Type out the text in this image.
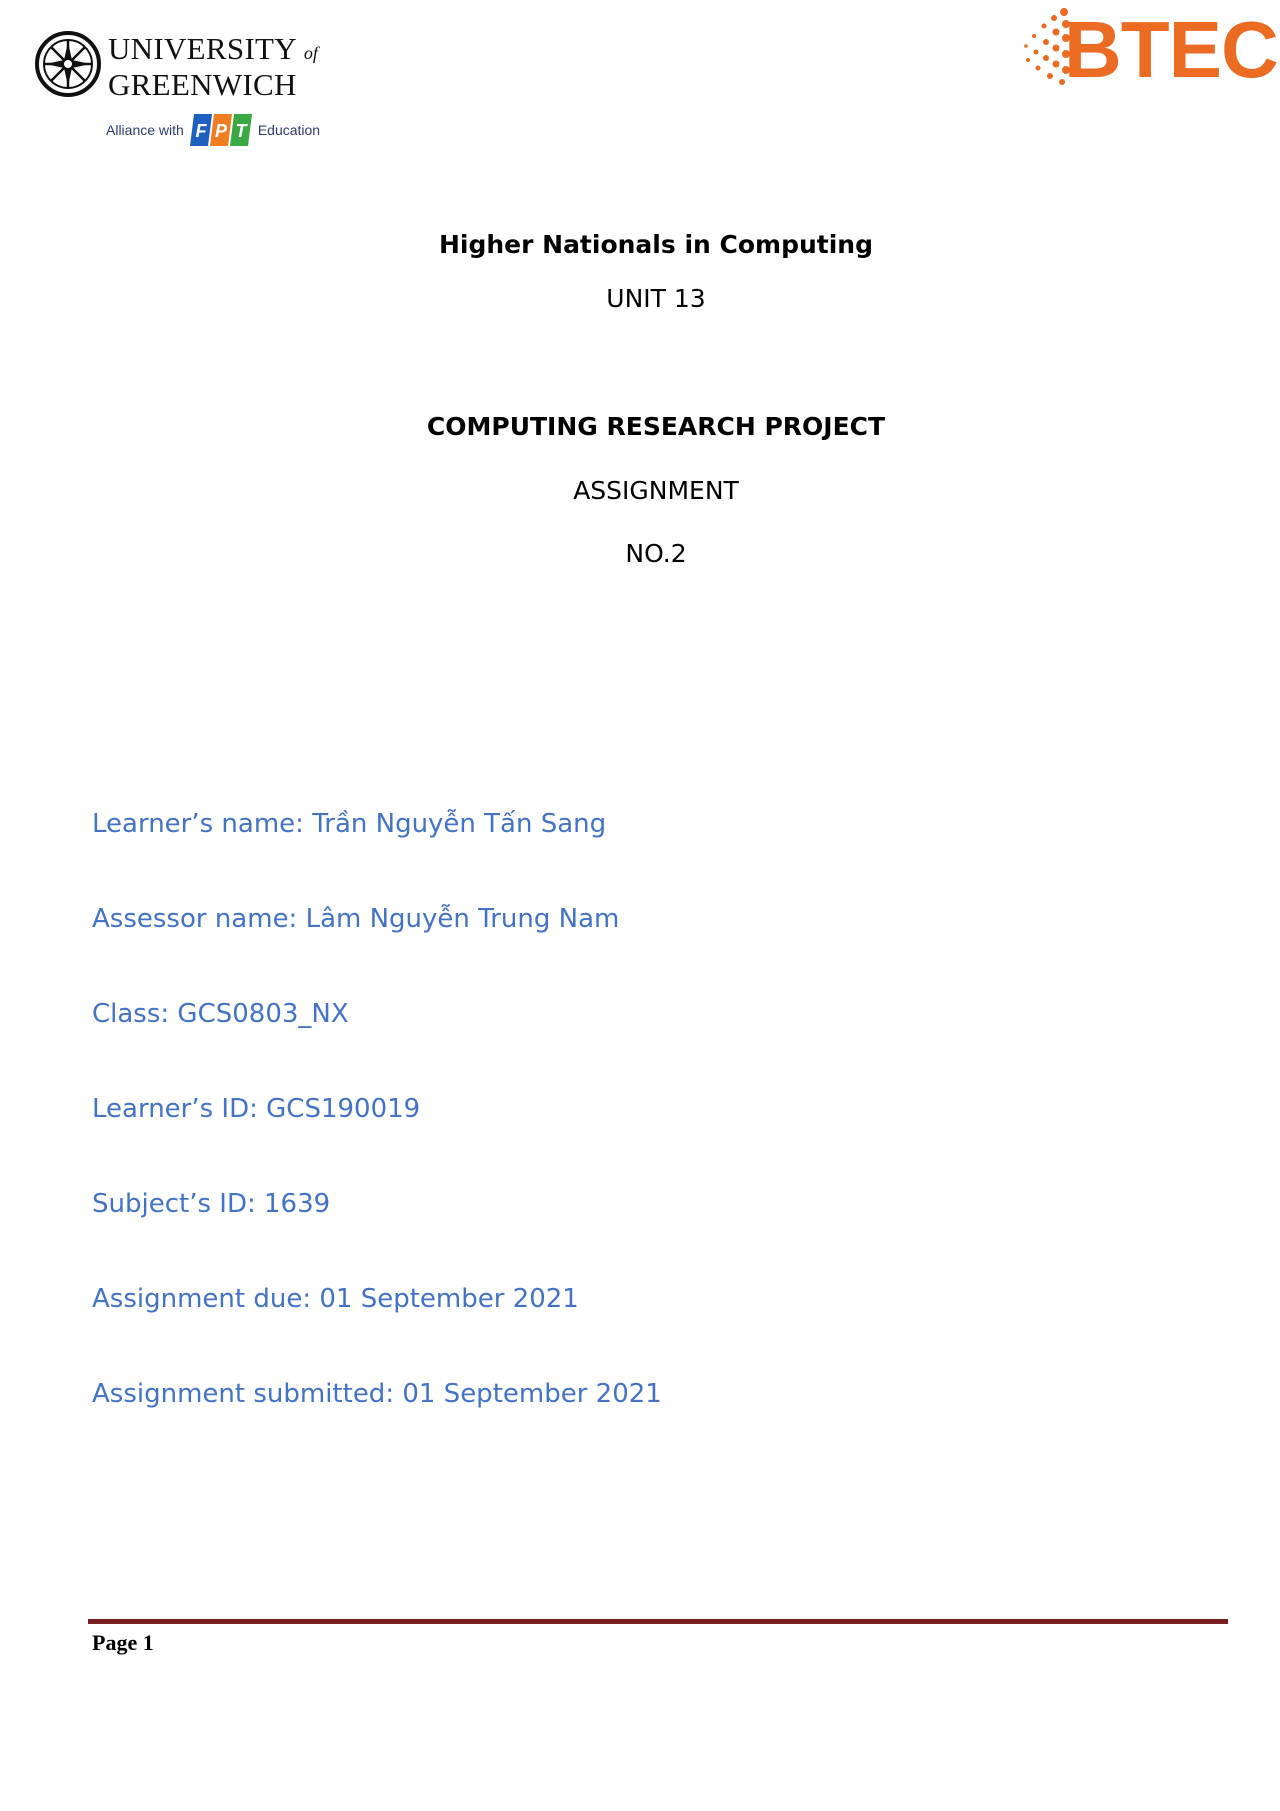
UNIVERSITY of
GREENWICH
Alliance with F P T Education
BTEC
Higher Nationals in Computing
UNIT 13
COMPUTING RESEARCH PROJECT
ASSIGNMENT
NO.2
Learner’s name: Trần Nguyễn Tấn Sang
Assessor name: Lâm Nguyễn Trung Nam
Class: GCS0803_NX
Learner’s ID: GCS190019
Subject’s ID: 1639
Assignment due: 01 September 2021
Assignment submitted: 01 September 2021
Page 1
